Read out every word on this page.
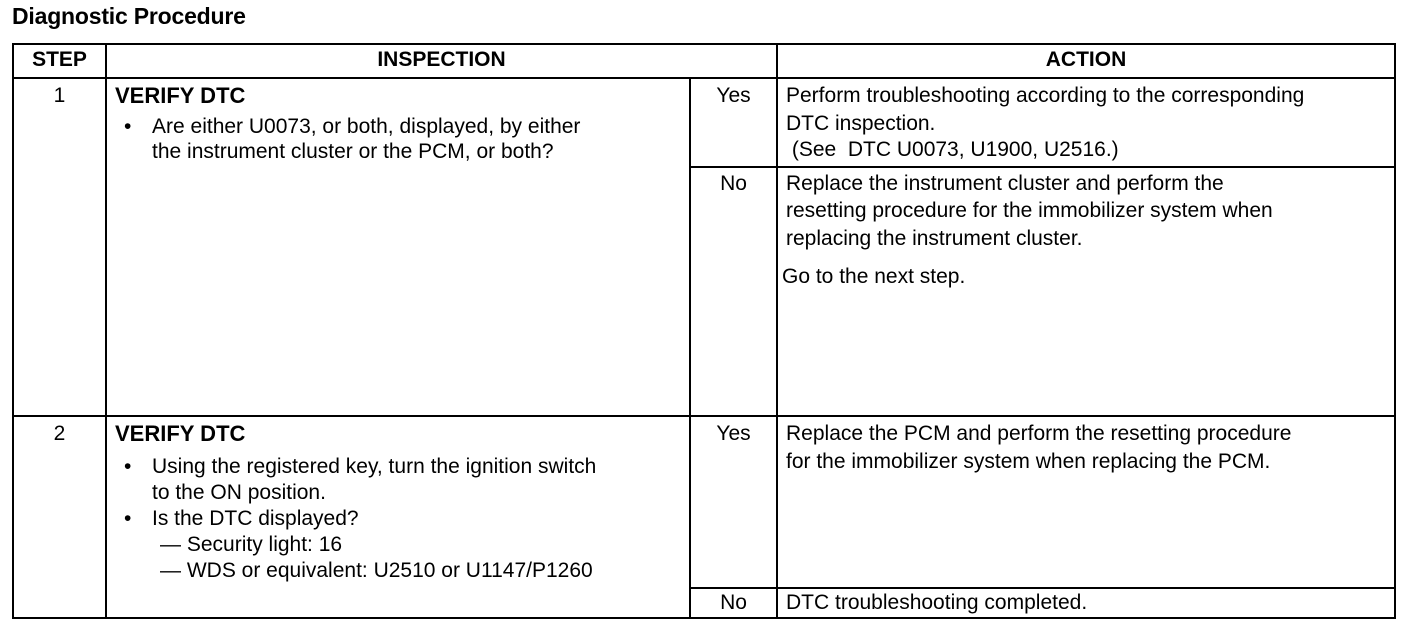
Diagnostic Procedure
STEP	INSPECTION	ACTION
1	VERIFY DTC
• Are either U0073, or both, displayed, by either
the instrument cluster or the PCM, or both?
Yes	Perform troubleshooting according to the corresponding
DTC inspection.
(See  DTC U0073, U1900, U2516.)
No	Replace the instrument cluster and perform the
resetting procedure for the immobilizer system when
replacing the instrument cluster.
Go to the next step.
2	VERIFY DTC
• Using the registered key, turn the ignition switch
to the ON position.
• Is the DTC displayed?
— Security light: 16
— WDS or equivalent: U2510 or U1147/P1260
Yes	Replace the PCM and perform the resetting procedure
for the immobilizer system when replacing the PCM.
No	DTC troubleshooting completed.
